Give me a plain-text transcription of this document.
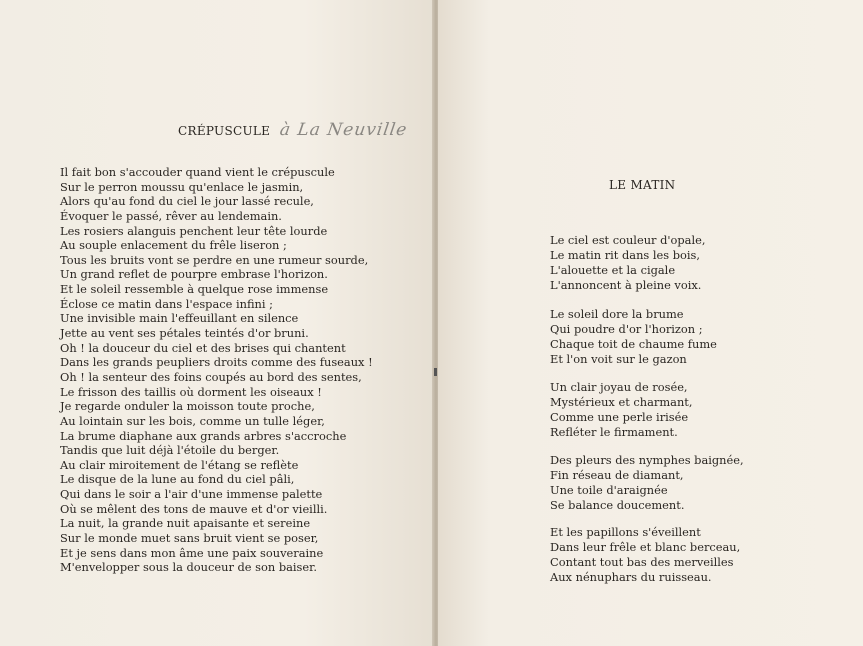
CRÉPUSCULE à La Neuville
Il fait bon s'accouder quand vient le crépuscule
Sur le perron moussu qu'enlace le jasmin,
Alors qu'au fond du ciel le jour lassé recule,
Évoquer le passé, rêver au lendemain.
Les rosiers alanguis penchent leur tête lourde
Au souple enlacement du frêle liseron ;
Tous les bruits vont se perdre en une rumeur sourde,
Un grand reflet de pourpre embrase l'horizon.
Et le soleil ressemble à quelque rose immense
Éclose ce matin dans l'espace infini ;
Une invisible main l'effeuillant en silence
Jette au vent ses pétales teintés d'or bruni.
Oh ! la douceur du ciel et des brises qui chantent
Dans les grands peupliers droits comme des fuseaux !
Oh ! la senteur des foins coupés au bord des sentes,
Le frisson des taillis où dorment les oiseaux !
Je regarde onduler la moisson toute proche,
Au lointain sur les bois, comme un tulle léger,
La brume diaphane aux grands arbres s'accroche
Tandis que luit déjà l'étoile du berger.
Au clair miroitement de l'étang se reflète
Le disque de la lune au fond du ciel pâli,
Qui dans le soir a l'air d'une immense palette
Où se mêlent des tons de mauve et d'or vieilli.
La nuit, la grande nuit apaisante et sereine
Sur le monde muet sans bruit vient se poser,
Et je sens dans mon âme une paix souveraine
M'envelopper sous la douceur de son baiser.
LE MATIN
Le ciel est couleur d'opale,
Le matin rit dans les bois,
L'alouette et la cigale
L'annoncent à pleine voix.
Le soleil dore la brume
Qui poudre d'or l'horizon ;
Chaque toit de chaume fume
Et l'on voit sur le gazon
Un clair joyau de rosée,
Mystérieux et charmant,
Comme une perle irisée
Refléter le firmament.
Des pleurs des nymphes baignée,
Fin réseau de diamant,
Une toile d'araignée
Se balance doucement.
Et les papillons s'éveillent
Dans leur frêle et blanc berceau,
Contant tout bas des merveilles
Aux nénuphars du ruisseau.
